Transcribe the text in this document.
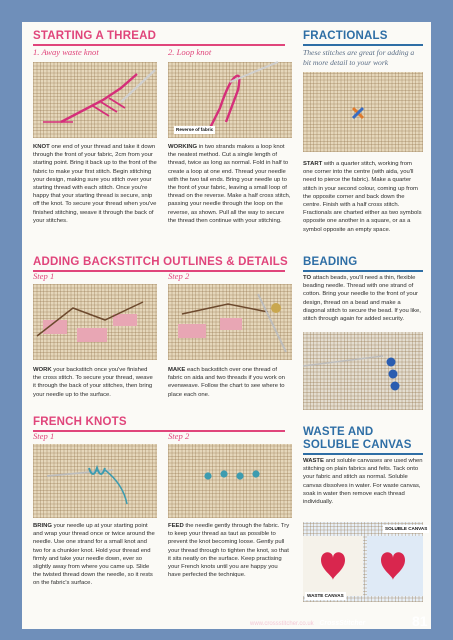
STARTING A THREAD
1. Away waste knot	2. Loop knot
Reverse of fabric
KNOT one end of your thread and take it down through the front of your fabric, 2cm from your starting point. Bring it back up to the front of the fabric to make your first stitch. Begin stitching your design, making sure you stitch over your starting thread with each stitch. Once you're happy that your starting thread is secure, snip off the knot. To secure your thread when you've finished stitching, weave it through the back of your stitches.
WORKING in two strands makes a loop knot the neatest method. Cut a single length of thread, twice as long as normal. Fold in half to create a loop at one end. Thread your needle with the two tail ends. Bring your needle up to the front of your fabric, leaving a small loop of thread on the reverse. Make a half cross stitch, passing your needle through the loop on the reverse, as shown. Pull all the way to secure the thread then continue with your stitching.
FRACTIONALS
These stitches are great for adding a bit more detail to your work
START with a quarter stitch, working from one corner into the centre (with aida, you'll need to pierce the fabric). Make a quarter stitch in your second colour, coming up from the opposite corner and back down the centre. Finish with a half cross stitch. Fractionals are charted either as two symbols opposite one another in a square, or as a symbol opposite an empty space.
ADDING BACKSTITCH OUTLINES & DETAILS
Step 1	Step 2
WORK your backstitch once you've finished the cross stitch. To secure your thread, weave it through the back of your stitches, then bring your needle up to the surface.
MAKE each backstitch over one thread of fabric on aida and two threads if you work on evenweave. Follow the chart to see where to place each one.
BEADING
TO attach beads, you'll need a thin, flexible beading needle. Thread with one strand of cotton. Bring your needle to the front of your design, thread on a bead and make a diagonal stitch to secure the bead. If you like, stitch through again for added security.
FRENCH KNOTS
Step 1	Step 2
BRING your needle up at your starting point and wrap your thread once or twice around the needle. Use one strand for a small knot and two for a chunkier knot. Hold your thread end firmly and take your needle down, ever so slightly away from where you came up. Slide the twisted thread down the needle, so it rests on the fabric's surface.
FEED the needle gently through the fabric. Try to keep your thread as taut as possible to prevent the knot becoming loose. Gently pull your thread through to tighten the knot, so that it sits neatly on the surface. Keep practising your French knots until you are happy you have perfected the technique.
WASTE AND
SOLUBLE CANVAS
WASTE and soluble canvases are used when stitching on plain fabrics and felts. Tack onto your fabric and stitch as normal. Soluble canvas dissolves in water. For waste canvas, soak in water then remove each thread individually.
SOLUBLE CANVAS
WASTE CANVAS
www.crossstitcher.co.uk CrossStitcher	81
